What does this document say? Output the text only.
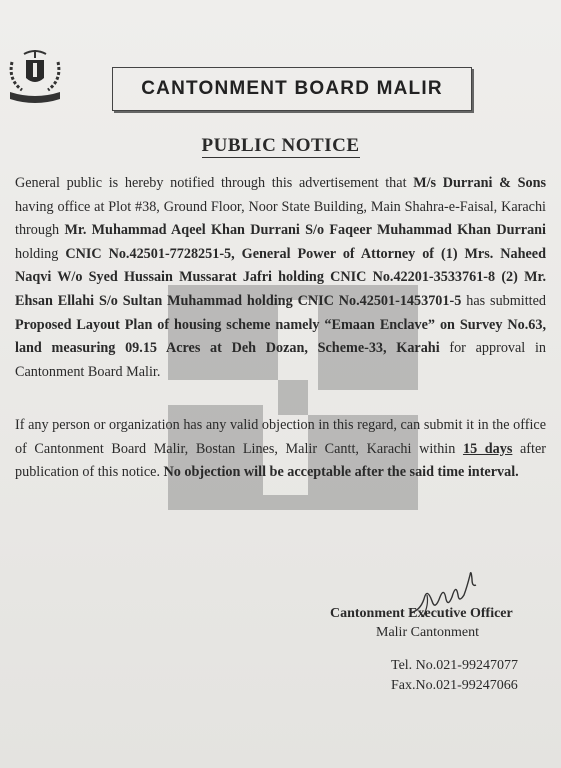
CANTONMENT BOARD MALIR
PUBLIC NOTICE
General public is hereby notified through this advertisement that M/s Durrani & Sons having office at Plot #38, Ground Floor, Noor State Building, Main Shahra-e-Faisal, Karachi through Mr. Muhammad Aqeel Khan Durrani S/o Faqeer Muhammad Khan Durrani holding CNIC No.42501-7728251-5, General Power of Attorney of (1) Mrs. Naheed Naqvi W/o Syed Hussain Mussarat Jafri holding CNIC No.42201-3533761-8 (2) Mr. Ehsan Ellahi S/o Sultan Muhammad holding CNIC No.42501-1453701-5 has submitted Proposed Layout Plan of housing scheme namely “Emaan Enclave” on Survey No.63, land measuring 09.15 Acres at Deh Dozan, Scheme-33, Karahi for approval in Cantonment Board Malir.
If any person or organization has any valid objection in this regard, can submit it in the office of Cantonment Board Malir, Bostan Lines, Malir Cantt, Karachi within 15 days after publication of this notice. No objection will be acceptable after the said time interval.
Cantonment Executive Officer
Malir Cantonment
Tel. No.021-99247077
Fax.No.021-99247066
